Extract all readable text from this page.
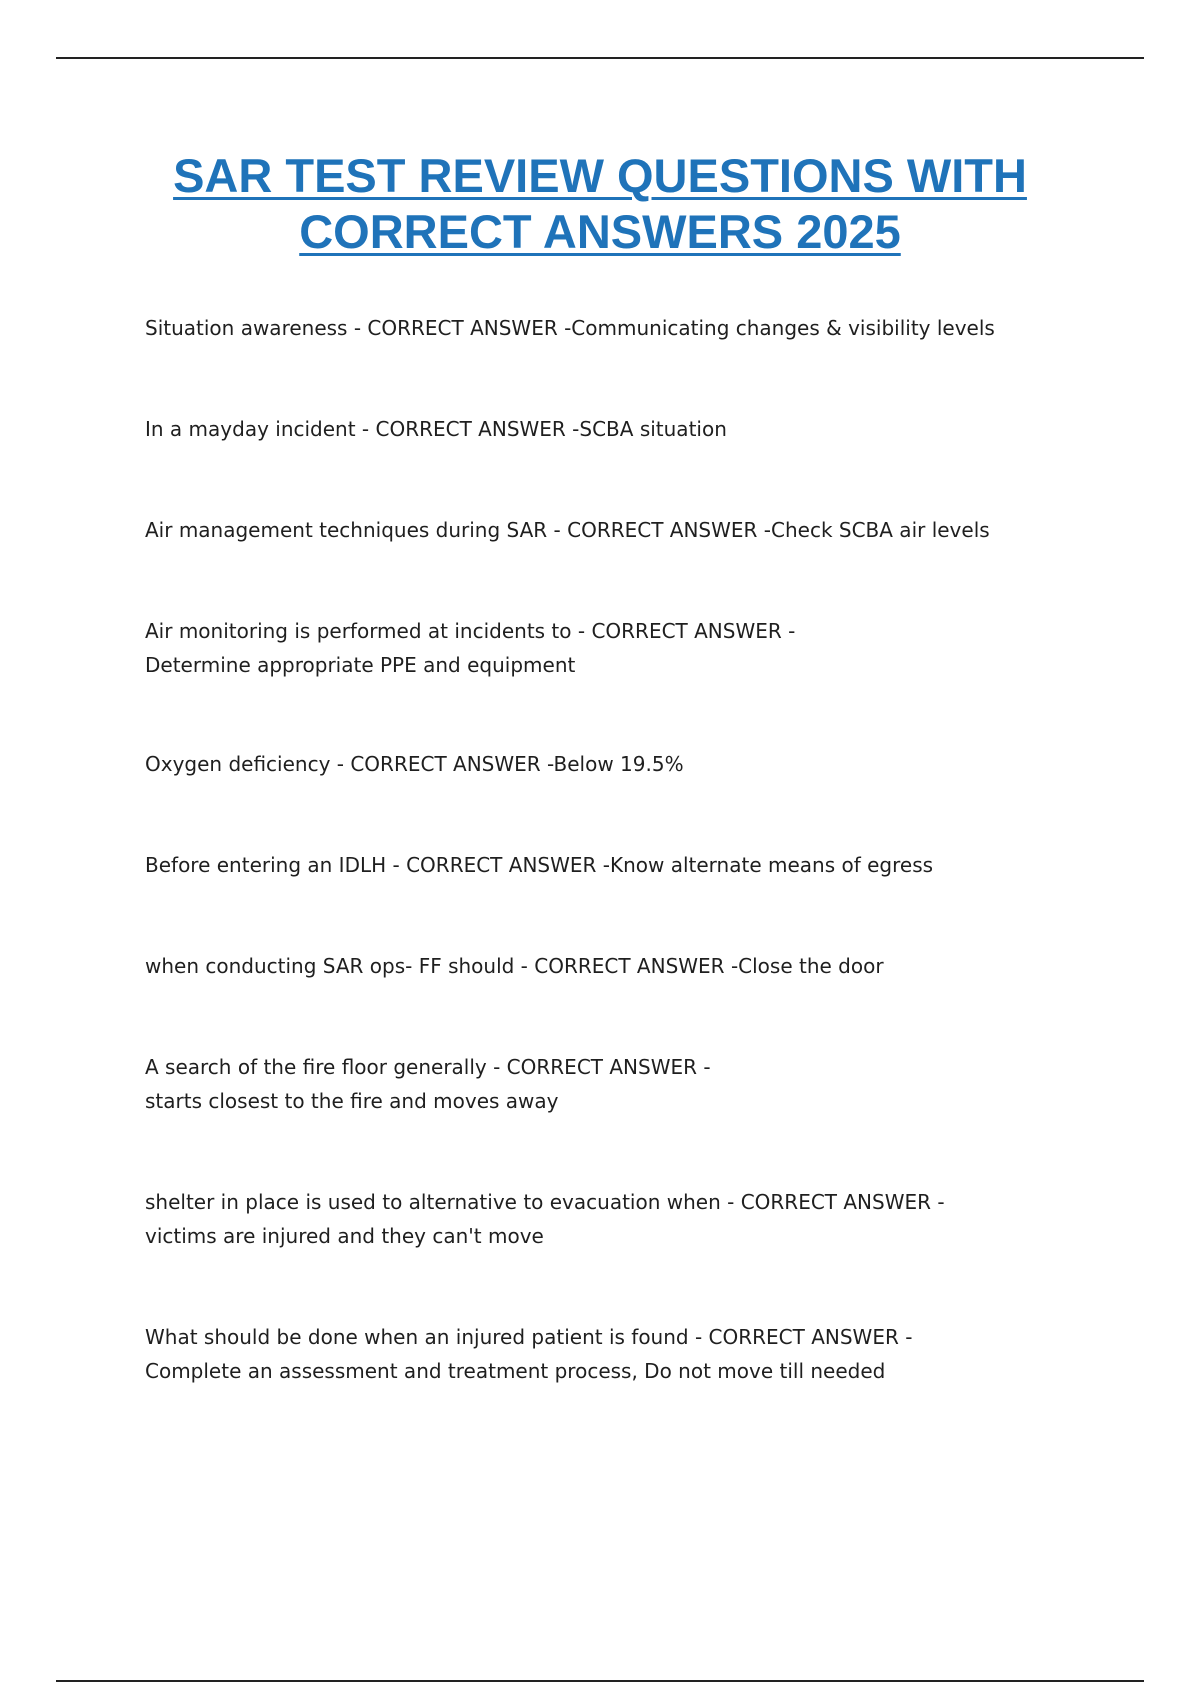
SAR TEST REVIEW QUESTIONS WITH
CORRECT ANSWERS 2025
Situation awareness - CORRECT ANSWER -Communicating changes & visibility levels
In a mayday incident - CORRECT ANSWER -SCBA situation
Air management techniques during SAR - CORRECT ANSWER -Check SCBA air levels
Air monitoring is performed at incidents to - CORRECT ANSWER -
Determine appropriate PPE and equipment
Oxygen deficiency - CORRECT ANSWER -Below 19.5%
Before entering an IDLH - CORRECT ANSWER -Know alternate means of egress
when conducting SAR ops- FF should - CORRECT ANSWER -Close the door
A search of the fire floor generally - CORRECT ANSWER -
starts closest to the fire and moves away
shelter in place is used to alternative to evacuation when - CORRECT ANSWER -
victims are injured and they can't move
What should be done when an injured patient is found - CORRECT ANSWER -
Complete an assessment and treatment process, Do not move till needed
